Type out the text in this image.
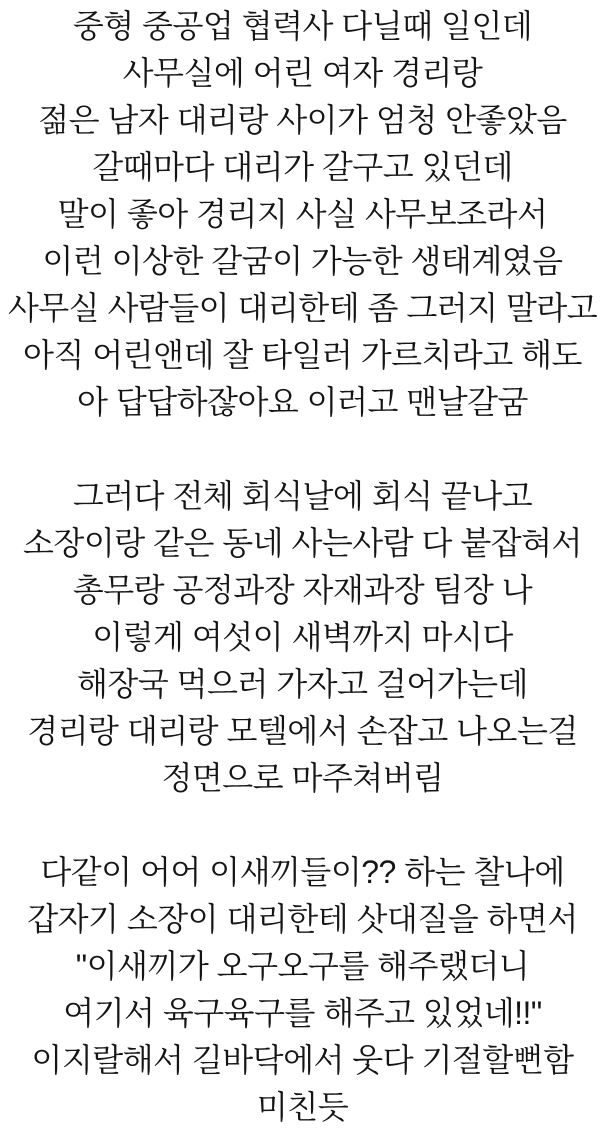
중형 중공업 협력사 다닐때 일인데
사무실에 어린 여자 경리랑
젊은 남자 대리랑 사이가 엄청 안좋았음
갈때마다 대리가 갈구고 있던데
말이 좋아 경리지 사실 사무보조라서
이런 이상한 갈굼이 가능한 생태계였음
사무실 사람들이 대리한테 좀 그러지 말라고
아직 어린앤데 잘 타일러 가르치라고 해도
아 답답하잖아요 이러고 맨날갈굼
그러다 전체 회식날에 회식 끝나고
소장이랑 같은 동네 사는사람 다 붙잡혀서
총무랑 공정과장 자재과장 팀장 나
이렇게 여섯이 새벽까지 마시다
해장국 먹으러 가자고 걸어가는데
경리랑 대리랑 모텔에서 손잡고 나오는걸
정면으로 마주쳐버림
다같이 어어 이새끼들이?? 하는 찰나에
갑자기 소장이 대리한테 삿대질을 하면서
"이새끼가 오구오구를 해주랬더니
여기서 육구육구를 해주고 있었네!!"
이지랄해서 길바닥에서 웃다 기절할뻔함
미친듯
